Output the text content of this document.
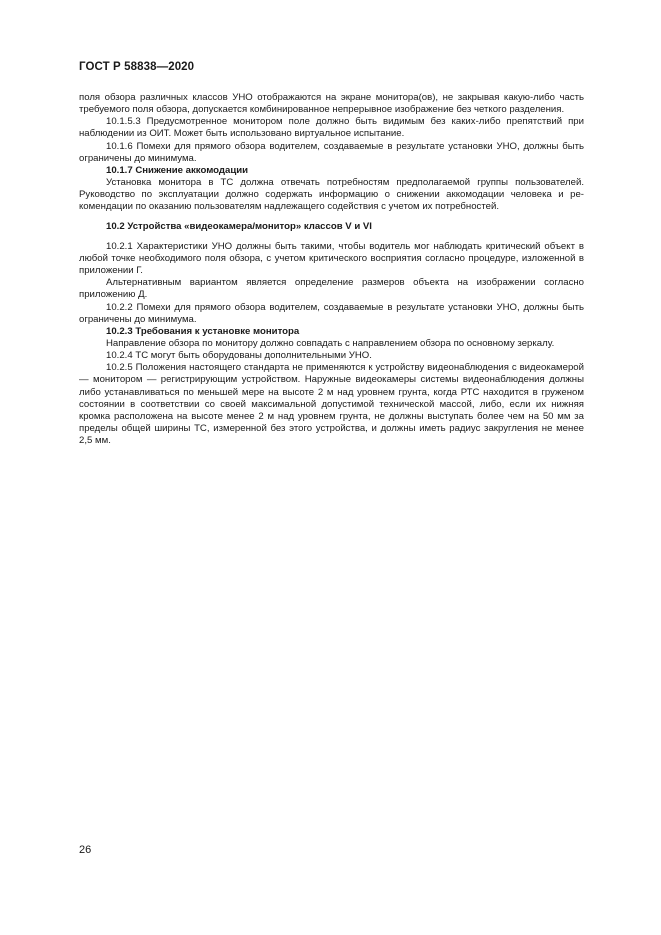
ГОСТ Р 58838—2020

поля обзора различных классов УНО отображаются на экране монитора(ов), не закрывая какую-либо часть требуемого поля обзора, допускается комбинированное непрерывное изображение без четкого разделения.

10.1.5.3 Предусмотренное монитором поле должно быть видимым без каких-либо препятствий при наблюдении из ОИТ. Может быть использовано виртуальное испытание.

10.1.6 Помехи для прямого обзора водителем, создаваемые в результате установки УНО, должны быть ограничены до минимума.

10.1.7 Снижение аккомодации

Установка монитора в ТС должна отвечать потребностям предполагаемой группы пользователей. Руководство по эксплуатации должно содержать информацию о снижении аккомодации человека и рекомендации по оказанию пользователям надлежащего содействия с учетом их потребностей.

10.2 Устройства «видеокамера/монитор» классов V и VI

10.2.1 Характеристики УНО должны быть такими, чтобы водитель мог наблюдать критический объект в любой точке необходимого поля обзора, с учетом критического восприятия согласно процедуре, изложенной в приложении Г.

Альтернативным вариантом является определение размеров объекта на изображении согласно приложению Д.

10.2.2 Помехи для прямого обзора водителем, создаваемые в результате установки УНО, должны быть ограничены до минимума.

10.2.3 Требования к установке монитора

Направление обзора по монитору должно совпадать с направлением обзора по основному зеркалу.

10.2.4 ТС могут быть оборудованы дополнительными УНО.

10.2.5 Положения настоящего стандарта не применяются к устройству видеонаблюдения с видеокамерой — монитором — регистрирующим устройством. Наружные видеокамеры системы видеонаблюдения должны либо устанавливаться по меньшей мере на высоте 2 м над уровнем грунта, когда РТС находится в груженом состоянии в соответствии со своей максимальной допустимой технической массой, либо, если их нижняя кромка расположена на высоте менее 2 м над уровнем грунта, не должны выступать более чем на 50 мм за пределы общей ширины ТС, измеренной без этого устройства, и должны иметь радиус закругления не менее 2,5 мм.

26
